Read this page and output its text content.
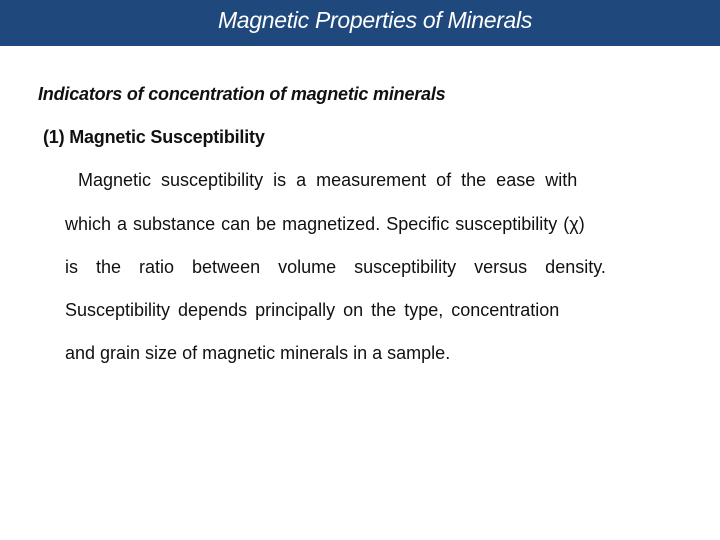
Magnetic Properties of Minerals
Indicators of concentration of magnetic minerals
(1) Magnetic Susceptibility
Magnetic susceptibility is a measurement of the ease with
which a substance can be magnetized. Specific susceptibility (χ)
is the ratio between volume susceptibility versus density.
Susceptibility depends principally on the type, concentration
and grain size of magnetic minerals in a sample.
